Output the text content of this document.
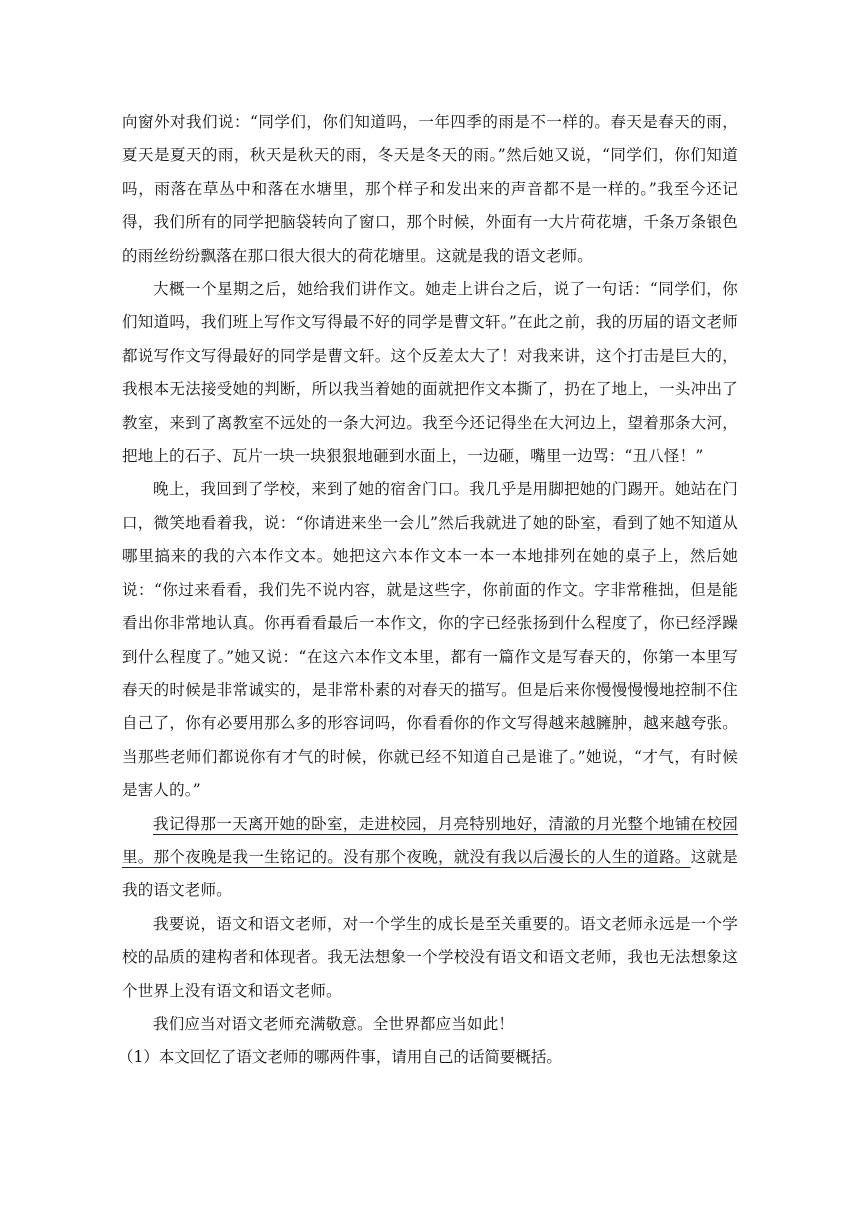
向窗外对我们说：“同学们，你们知道吗，一年四季的雨是不一样的。春天是春天的雨，夏天是夏天的雨，秋天是秋天的雨，冬天是冬天的雨。”然后她又说，“同学们，你们知道吗，雨落在草丛中和落在水塘里，那个样子和发出来的声音都不是一样的。”我至今还记得，我们所有的同学把脑袋转向了窗口，那个时候，外面有一大片荷花塘，千条万条银色的雨丝纷纷飘落在那口很大很大的荷花塘里。这就是我的语文老师。

大概一个星期之后，她给我们讲作文。她走上讲台之后，说了一句话：“同学们，你们知道吗，我们班上写作文写得最不好的同学是曹文轩。”在此之前，我的历届的语文老师都说写作文写得最好的同学是曹文轩。这个反差太大了！对我来讲，这个打击是巨大的，我根本无法接受她的判断，所以我当着她的面就把作文本撕了，扔在了地上，一头冲出了教室，来到了离教室不远处的一条大河边。我至今还记得坐在大河边上，望着那条大河，把地上的石子、瓦片一块一块狠狠地砸到水面上，一边砸，嘴里一边骂：“丑八怪！”

晚上，我回到了学校，来到了她的宿舍门口。我几乎是用脚把她的门踢开。她站在门口，微笑地看着我，说：“你请进来坐一会儿”然后我就进了她的卧室，看到了她不知道从哪里搞来的我的六本作文本。她把这六本作文本一本一本地排列在她的桌子上，然后她说：“你过来看看，我们先不说内容，就是这些字，你前面的作文。字非常稚拙，但是能看出你非常地认真。你再看看最后一本作文，你的字已经张扬到什么程度了，你已经浮躁到什么程度了。”她又说：“在这六本作文本里，都有一篇作文是写春天的，你第一本里写春天的时候是非常诚实的，是非常朴素的对春天的描写。但是后来你慢慢慢慢地控制不住自己了，你有必要用那么多的形容词吗，你看看你的作文写得越来越臃肿，越来越夸张。当那些老师们都说你有才气的时候，你就已经不知道自己是谁了。”她说，“才气，有时候是害人的。”

我记得那一天离开她的卧室，走进校园，月亮特别地好，清澈的月光整个地铺在校园里。那个夜晚是我一生铭记的。没有那个夜晚，就没有我以后漫长的人生的道路。这就是我的语文老师。

我要说，语文和语文老师，对一个学生的成长是至关重要的。语文老师永远是一个学校的品质的建构者和体现者。我无法想象一个学校没有语文和语文老师，我也无法想象这个世界上没有语文和语文老师。

我们应当对语文老师充满敬意。全世界都应当如此！

（1）本文回忆了语文老师的哪两件事，请用自己的话简要概括。
